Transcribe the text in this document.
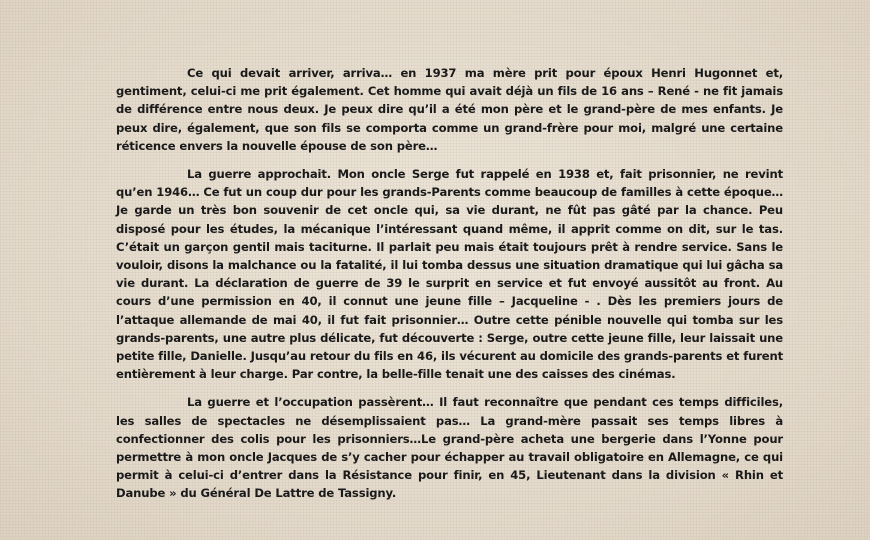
Ce qui devait arriver, arriva… en 1937 ma mère prit pour époux Henri Hugonnet et, gentiment, celui-ci me prit également. Cet homme qui avait déjà un fils de 16 ans – René - ne fit jamais de différence entre nous deux. Je peux dire qu’il a été mon père et le grand-père de mes enfants. Je peux dire, également, que son fils se comporta comme un grand-frère pour moi, malgré une certaine réticence envers la nouvelle épouse de son père…

La guerre approchait. Mon oncle Serge fut rappelé en 1938 et, fait prisonnier, ne revint qu’en 1946… Ce fut un coup dur pour les grands-Parents comme beaucoup de familles à cette époque… Je garde un très bon souvenir de cet oncle qui, sa vie durant, ne fût pas gâté par la chance. Peu disposé pour les études, la mécanique l’intéressant quand même, il apprit comme on dit, sur le tas. C’était un garçon gentil mais taciturne. Il parlait peu mais était toujours prêt à rendre service. Sans le vouloir, disons la malchance ou la fatalité, il lui tomba dessus une situation dramatique qui lui gâcha sa vie durant. La déclaration de guerre de 39 le surprit en service et fut envoyé aussitôt au front. Au cours d’une permission en 40, il connut une jeune fille – Jacqueline - . Dès les premiers jours de l’attaque allemande de mai 40, il fut fait prisonnier… Outre cette pénible nouvelle qui tomba sur les grands-parents, une autre plus délicate, fut découverte : Serge, outre cette jeune fille, leur laissait une petite fille, Danielle. Jusqu’au retour du fils en 46, ils vécurent au domicile des grands-parents et furent entièrement à leur charge. Par contre, la belle-fille tenait une des caisses des cinémas.

La guerre et l’occupation passèrent… Il faut reconnaître que pendant ces temps difficiles, les salles de spectacles ne désemplissaient pas… La grand-mère passait ses temps libres à confectionner des colis pour les prisonniers…Le grand-père acheta une bergerie dans l’Yonne pour permettre à mon oncle Jacques de s’y cacher pour échapper au travail obligatoire en Allemagne, ce qui permit à celui-ci d’entrer dans la Résistance pour finir, en 45, Lieutenant dans la division « Rhin et Danube » du Général De Lattre de Tassigny.
